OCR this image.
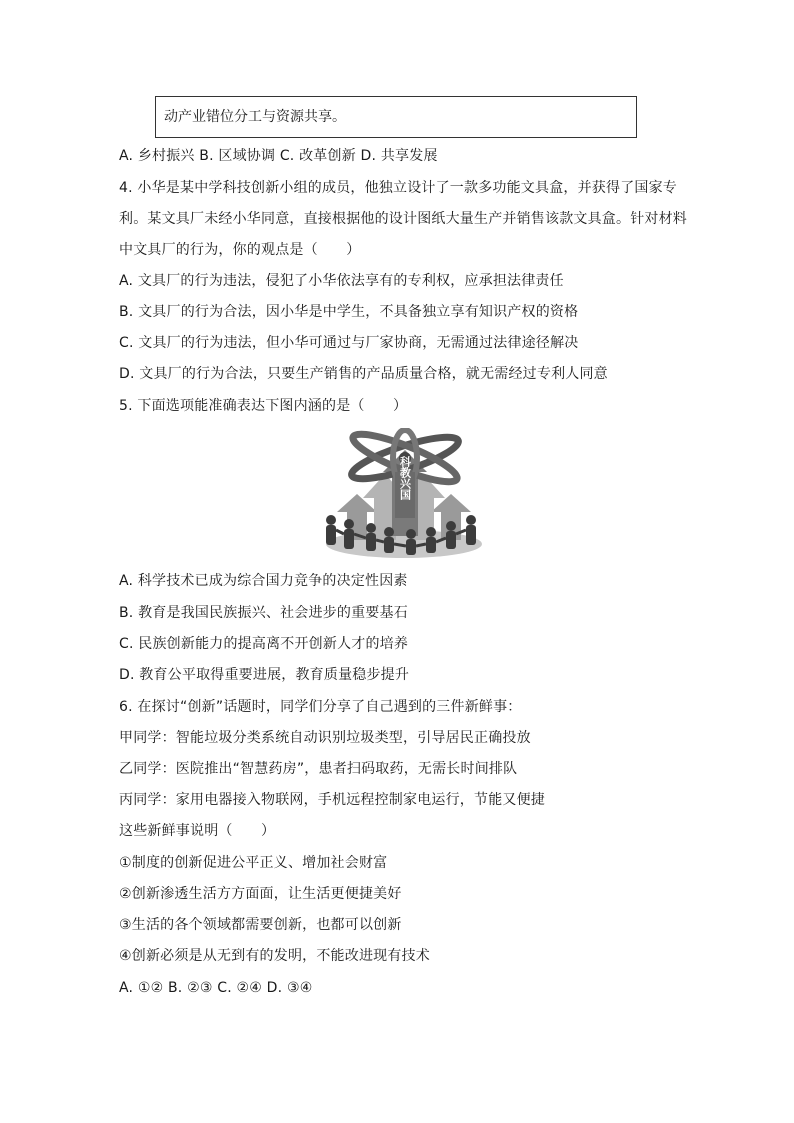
动产业错位分工与资源共享。
A. 乡村振兴 B. 区域协调 C. 改革创新 D. 共享发展
4. 小华是某中学科技创新小组的成员，他独立设计了一款多功能文具盒，并获得了国家专
利。某文具厂未经小华同意，直接根据他的设计图纸大量生产并销售该款文具盒。针对材料
中文具厂的行为，你的观点是（　　）
A. 文具厂的行为违法，侵犯了小华依法享有的专利权，应承担法律责任
B. 文具厂的行为合法，因小华是中学生，不具备独立享有知识产权的资格
C. 文具厂的行为违法，但小华可通过与厂家协商，无需通过法律途径解决
D. 文具厂的行为合法，只要生产销售的产品质量合格，就无需经过专利人同意
5. 下面选项能准确表达下图内涵的是（　　）
科教兴国
A. 科学技术已成为综合国力竞争的决定性因素
B. 教育是我国民族振兴、社会进步的重要基石
C. 民族创新能力的提高离不开创新人才的培养
D. 教育公平取得重要进展，教育质量稳步提升
6. 在探讨“创新”话题时，同学们分享了自己遇到的三件新鲜事：
甲同学：智能垃圾分类系统自动识别垃圾类型，引导居民正确投放
乙同学：医院推出“智慧药房”，患者扫码取药，无需长时间排队
丙同学：家用电器接入物联网，手机远程控制家电运行，节能又便捷
这些新鲜事说明（　　）
①制度的创新促进公平正义、增加社会财富
②创新渗透生活方方面面，让生活更便捷美好
③生活的各个领域都需要创新，也都可以创新
④创新必须是从无到有的发明，不能改进现有技术
A. ①② B. ②③ C. ②④ D. ③④
